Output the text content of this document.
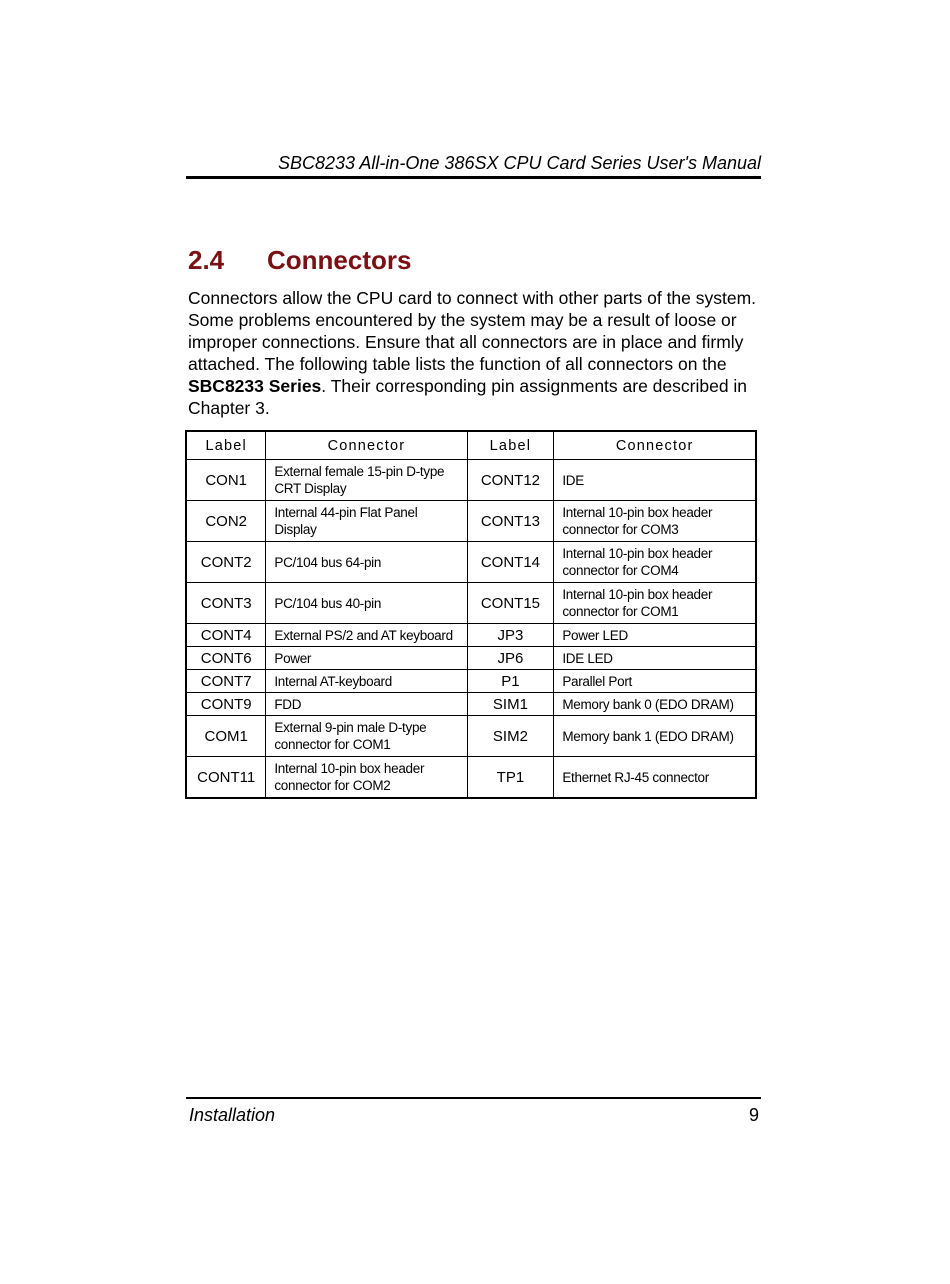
SBC8233 All-in-One 386SX CPU Card Series User's Manual
2.4 Connectors

Connectors allow the CPU card to connect with other parts of the system. Some problems encountered by the system may be a result of loose or improper connections. Ensure that all connectors are in place and firmly attached. The following table lists the function of all connectors on the SBC8233 Series. Their corresponding pin assignments are described in Chapter 3.

Label	Connector	Label	Connector
CON1	External female 15-pin D-type CRT Display	CONT12	IDE
CON2	Internal 44-pin Flat Panel Display	CONT13	Internal 10-pin box header connector for COM3
CONT2	PC/104 bus 64-pin	CONT14	Internal 10-pin box header connector for COM4
CONT3	PC/104 bus 40-pin	CONT15	Internal 10-pin box header connector for COM1
CONT4	External PS/2 and AT keyboard	JP3	Power LED
CONT6	Power	JP6	IDE LED
CONT7	Internal AT-keyboard	P1	Parallel Port
CONT9	FDD	SIM1	Memory bank 0 (EDO DRAM)
COM1	External 9-pin male D-type connector for COM1	SIM2	Memory bank 1 (EDO DRAM)
CONT11	Internal 10-pin box header connector for COM2	TP1	Ethernet RJ-45 connector
Installation	9
